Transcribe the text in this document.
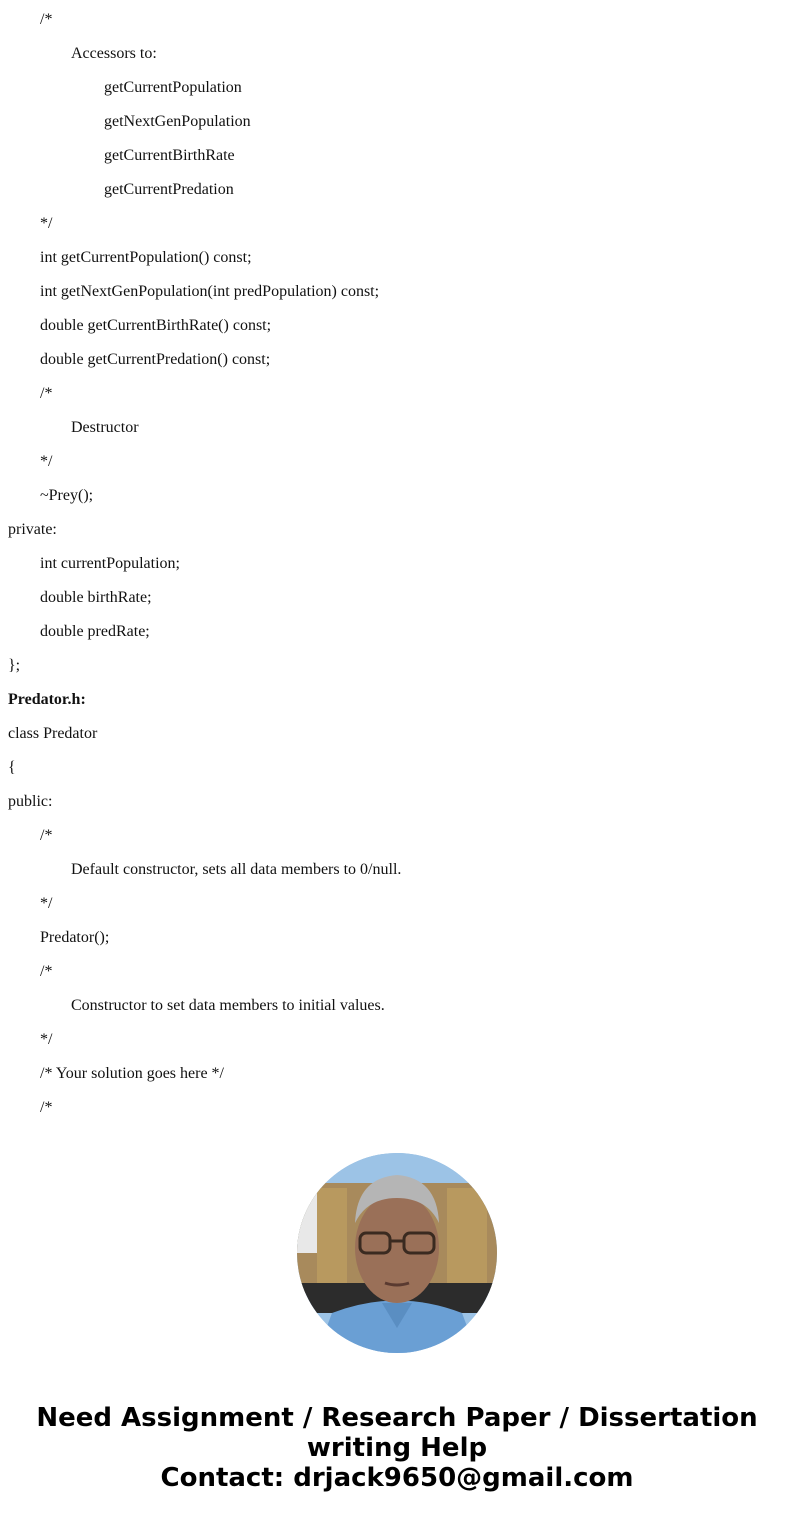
/*
Accessors to:
getCurrentPopulation
getNextGenPopulation
getCurrentBirthRate
getCurrentPredation
*/
int getCurrentPopulation() const;
int getNextGenPopulation(int predPopulation) const;
double getCurrentBirthRate() const;
double getCurrentPredation() const;
/*
Destructor
*/
~Prey();
private:
int currentPopulation;
double birthRate;
double predRate;
};
Predator.h:
class Predator
{
public:
/*
Default constructor, sets all data members to 0/null.
*/
Predator();
/*
Constructor to set data members to initial values.
*/
/* Your solution goes here */
/*
Need Assignment / Research Paper / Dissertation
writing Help
Contact: drjack9650@gmail.com
